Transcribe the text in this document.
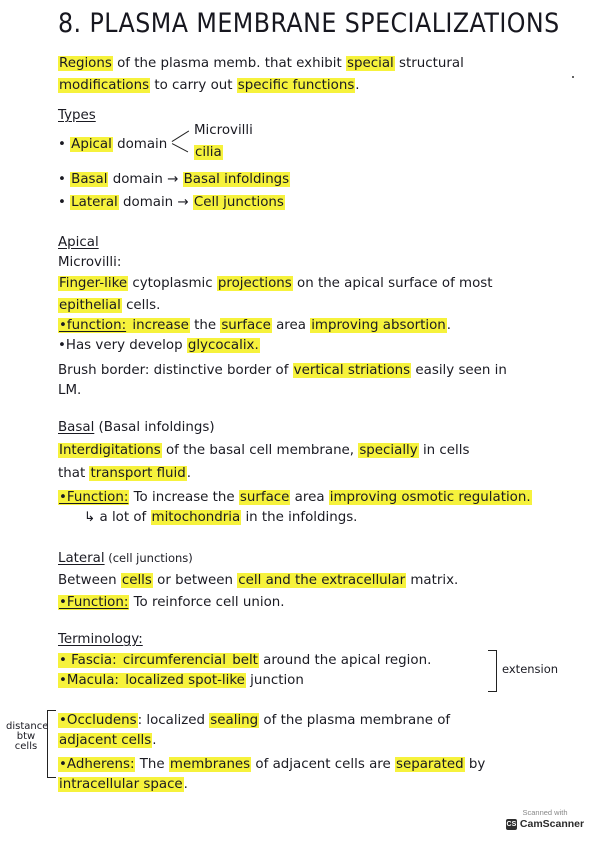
8. PLASMA MEMBRANE SPECIALIZATIONS
Regions of the plasma memb. that exhibit special structural
modifications to carry out specific functions.
Types
• Apical domain
Microvilli
cilia
• Basal domain → Basal infoldings
• Lateral domain → Cell junctions
Apical
Microvilli:
Finger-like cytoplasmic projections on the apical surface of most
epithelial cells.
•function: increase the surface area improving absortion.
•Has very develop glycocalix.
Brush border: distinctive border of vertical striations easily seen in
LM.
Basal (Basal infoldings)
Interdigitations of the basal cell membrane, specially in cells
that transport fluid.
•Function: To increase the surface area improving osmotic regulation.
↳ a lot of mitochondria in the infoldings.
Lateral (cell junctions)
Between cells or between cell and the extracellular matrix.
•Function: To reinforce cell union.
Terminology:
• Fascia: circumferencial belt around the apical region.
•Macula: localized spot-like junction
extension
distance btw cells
•Occludens: localized sealing of the plasma membrane of
adjacent cells.
•Adherens: The membranes of adjacent cells are separated by
intracellular space.
Scanned with
CS CamScanner
